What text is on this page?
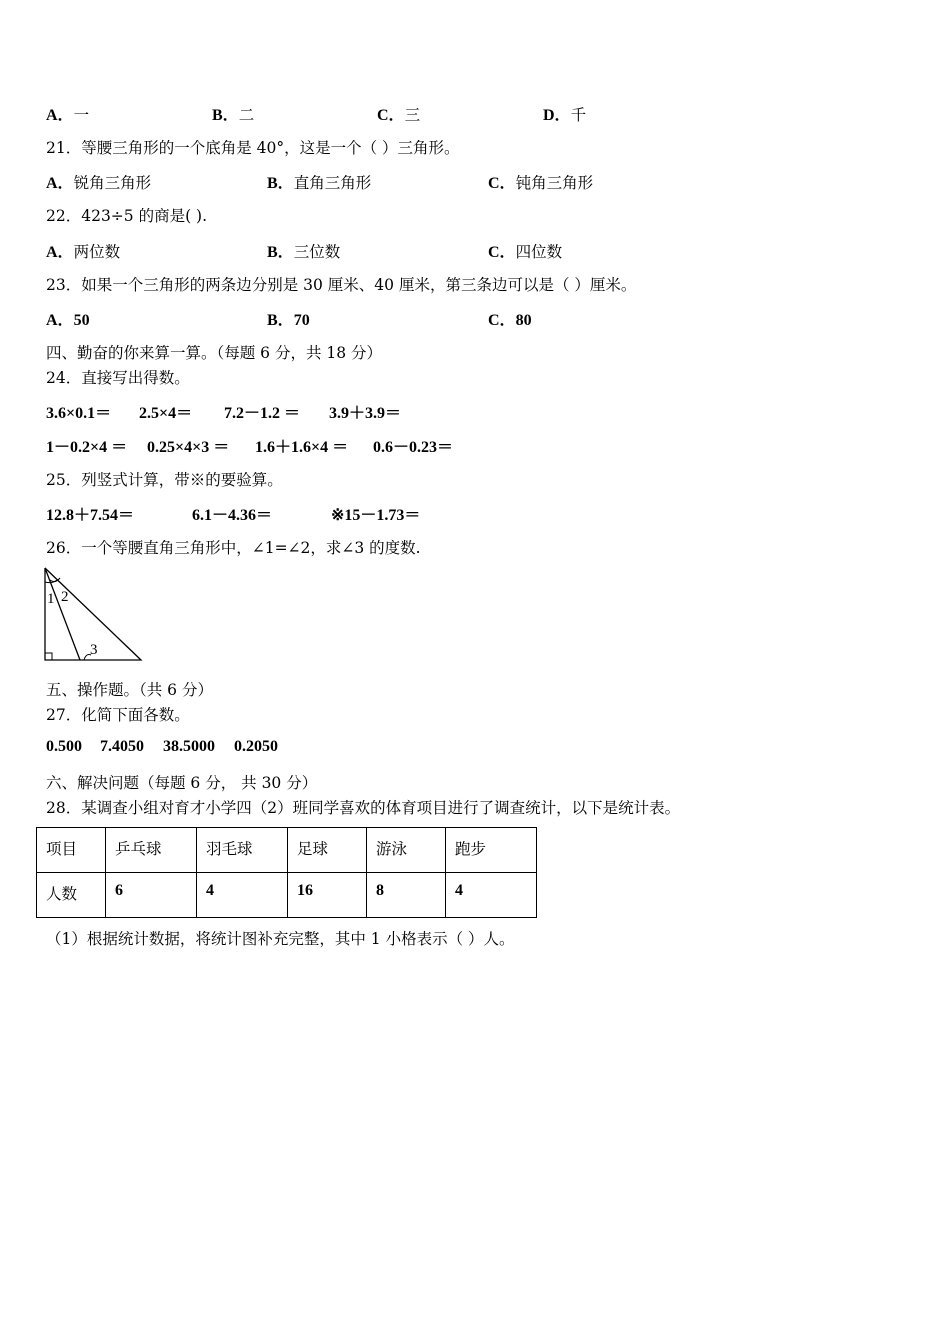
A．一	B．二	C．三	D．千
21．等腰三角形的一个底角是 40°，这是一个（ ）三角形。
A．锐角三角形	B．直角三角形	C．钝角三角形
22．423÷5 的商是( ).
A．两位数	B．三位数	C．四位数
23．如果一个三角形的两条边分别是 30 厘米、40 厘米，第三条边可以是（ ）厘米。
A．50	B．70	C．80
四、勤奋的你来算一算。（每题 6 分，共 18 分）
24．直接写出得数。
3.6×0.1＝ 2.5×4＝ 7.2－1.2 ＝ 3.9＋3.9＝
1－0.2×4 ＝ 0.25×4×3 ＝ 1.6＋1.6×4 ＝ 0.6－0.23＝
25．列竖式计算，带※的要验算。
12.8＋7.54＝	6.1－4.36＝	※15－1.73＝
26．一个等腰直角三角形中，∠1=∠2，求∠3 的度数.
1 2
3
五、操作题。（共 6 分）
27．化简下面各数。
0.500 7.4050 38.5000 0.2050
六、解决问题（每题 6 分， 共 30 分）
28．某调查小组对育才小学四（2）班同学喜欢的体育项目进行了调查统计，以下是统计表。
项目	乒乓球	羽毛球	足球	游泳	跑步
人数	6	4	16	8	4
（1）根据统计数据，将统计图补充完整，其中 1 小格表示（ ）人。
